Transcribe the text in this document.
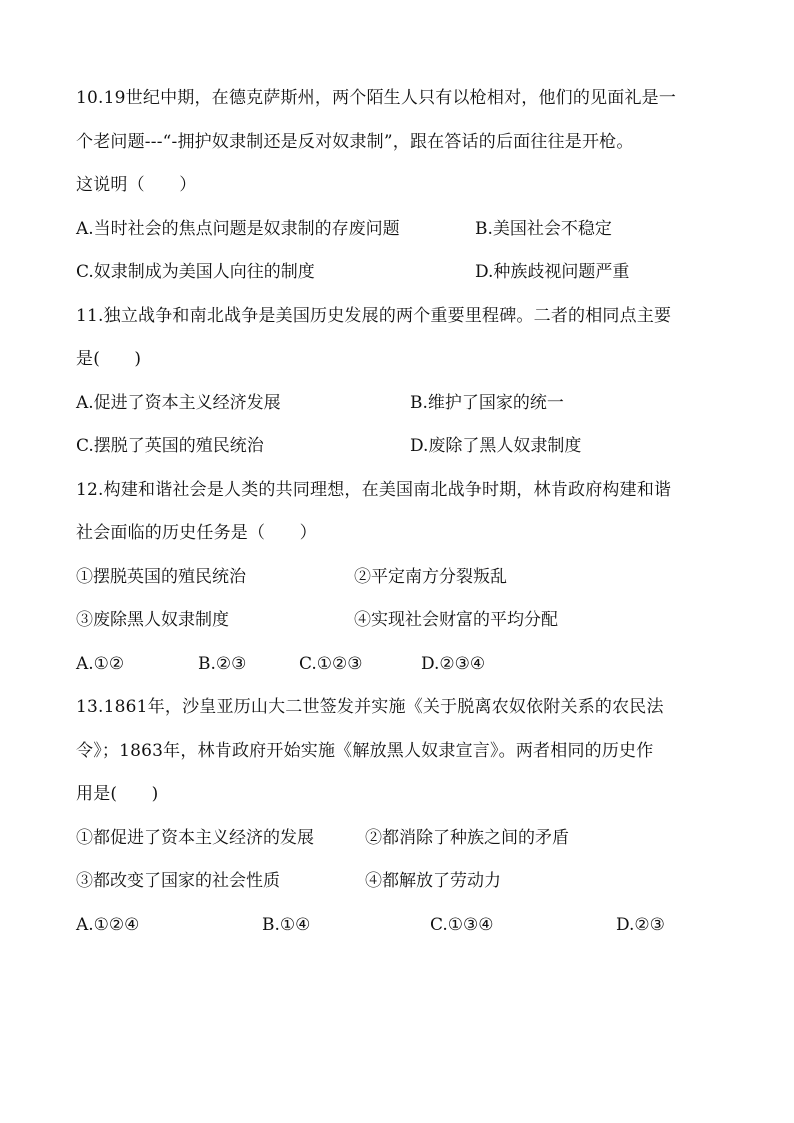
10.19世纪中期，在德克萨斯州，两个陌生人只有以枪相对，他们的见面礼是一
个老问题---“-拥护奴隶制还是反对奴隶制”，跟在答话的后面往往是开枪。
这说明（　　）
A.当时社会的焦点问题是奴隶制的存废问题	B.美国社会不稳定
C.奴隶制成为美国人向往的制度	D.种族歧视问题严重
11.独立战争和南北战争是美国历史发展的两个重要里程碑。二者的相同点主要
是(　　)
A.促进了资本主义经济发展	B.维护了国家的统一
C.摆脱了英国的殖民统治	D.废除了黑人奴隶制度
12.构建和谐社会是人类的共同理想，在美国南北战争时期，林肯政府构建和谐
社会面临的历史任务是（　　）
①摆脱英国的殖民统治	②平定南方分裂叛乱
③废除黑人奴隶制度	④实现社会财富的平均分配
A.①②	B.②③	C.①②③	D.②③④
13.1861年，沙皇亚历山大二世签发并实施《关于脱离农奴依附关系的农民法
令》；1863年，林肯政府开始实施《解放黑人奴隶宣言》。两者相同的历史作
用是(　　)
①都促进了资本主义经济的发展	②都消除了种族之间的矛盾
③都改变了国家的社会性质	④都解放了劳动力
A.①②④	B.①④	C.①③④	D.②③
